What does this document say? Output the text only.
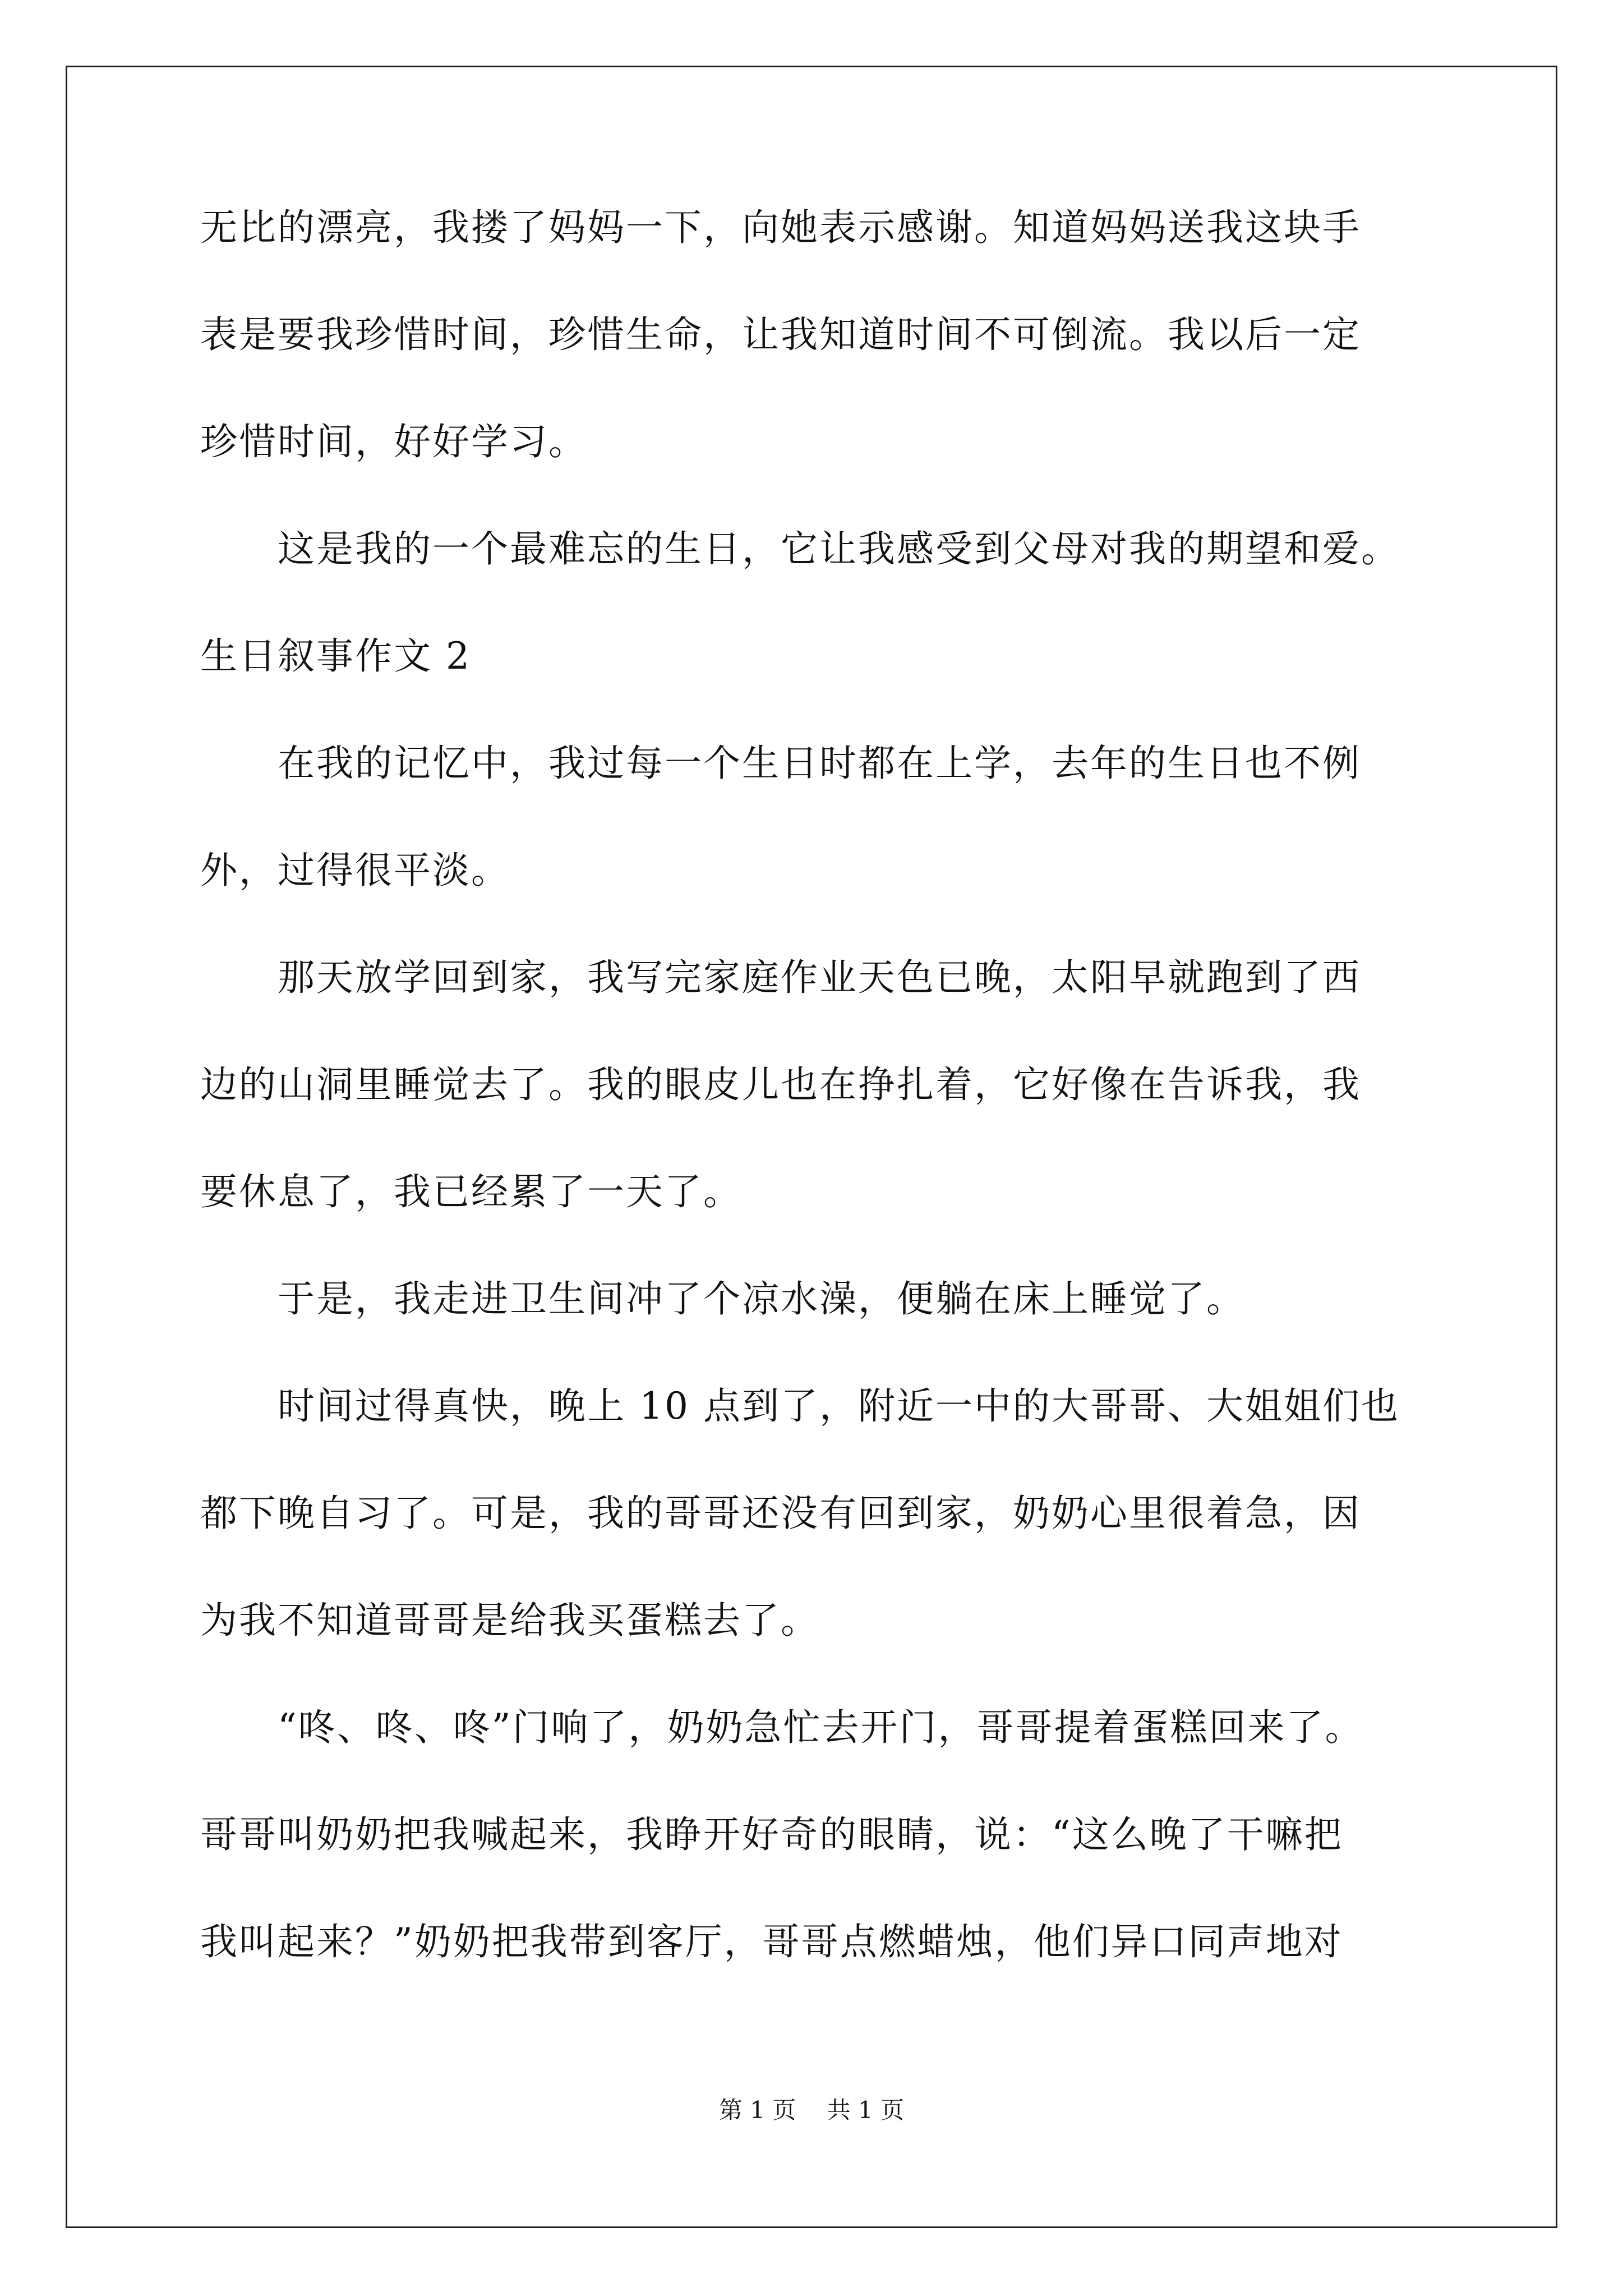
无比的漂亮，我搂了妈妈一下，向她表示感谢。知道妈妈送我这块手
表是要我珍惜时间，珍惜生命，让我知道时间不可倒流。我以后一定
珍惜时间，好好学习。
　　这是我的一个最难忘的生日，它让我感受到父母对我的期望和爱。
生日叙事作文 2
　　在我的记忆中，我过每一个生日时都在上学，去年的生日也不例
外，过得很平淡。
　　那天放学回到家，我写完家庭作业天色已晚，太阳早就跑到了西
边的山洞里睡觉去了。我的眼皮儿也在挣扎着，它好像在告诉我，我
要休息了，我已经累了一天了。
　　于是，我走进卫生间冲了个凉水澡，便躺在床上睡觉了。
　　时间过得真快，晚上 10 点到了，附近一中的大哥哥、大姐姐们也
都下晚自习了。可是，我的哥哥还没有回到家，奶奶心里很着急，因
为我不知道哥哥是给我买蛋糕去了。
　　“咚、咚、咚”门响了，奶奶急忙去开门，哥哥提着蛋糕回来了。
哥哥叫奶奶把我喊起来，我睁开好奇的眼睛，说：“这么晚了干嘛把
我叫起来？”奶奶把我带到客厅，哥哥点燃蜡烛，他们异口同声地对
第 1 页　 共 1 页
